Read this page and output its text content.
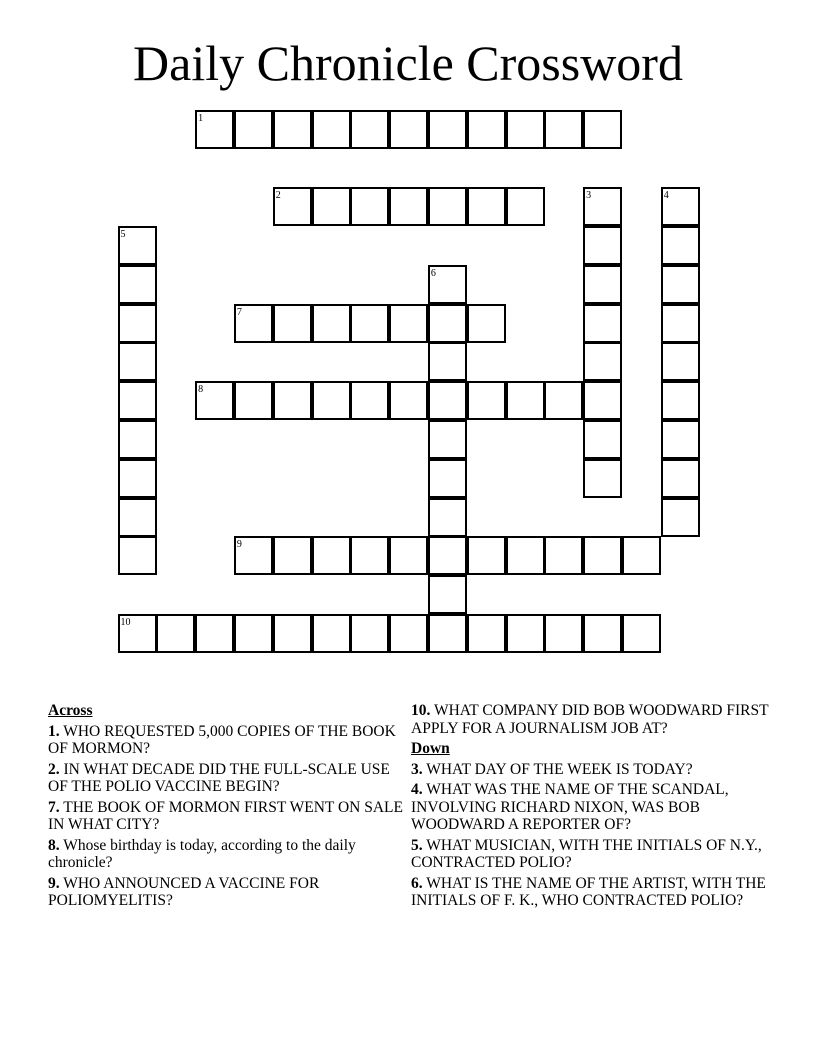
Daily Chronicle Crossword
1
2	3	4
5
6
7
8
9
10
Across
1. WHO REQUESTED 5,000 COPIES OF THE BOOK OF MORMON?
2. IN WHAT DECADE DID THE FULL-SCALE USE OF THE POLIO VACCINE BEGIN?
7. THE BOOK OF MORMON FIRST WENT ON SALE IN WHAT CITY?
8. Whose birthday is today, according to the daily chronicle?
9. WHO ANNOUNCED A VACCINE FOR POLIOMYELITIS?
10. WHAT COMPANY DID BOB WOODWARD FIRST APPLY FOR A JOURNALISM JOB AT?
Down
3. WHAT DAY OF THE WEEK IS TODAY?
4. WHAT WAS THE NAME OF THE SCANDAL, INVOLVING RICHARD NIXON, WAS BOB WOODWARD A REPORTER OF?
5. WHAT MUSICIAN, WITH THE INITIALS OF N.Y., CONTRACTED POLIO?
6. WHAT IS THE NAME OF THE ARTIST, WITH THE INITIALS OF F. K., WHO CONTRACTED POLIO?
